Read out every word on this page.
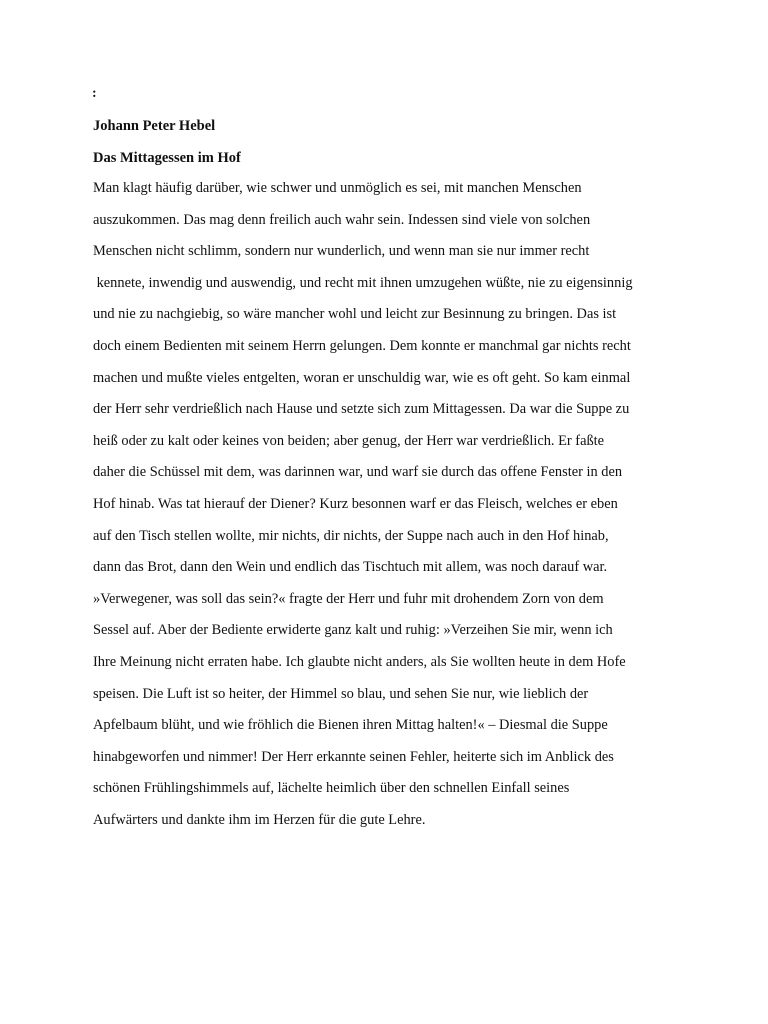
:
Johann Peter Hebel
Das Mittagessen im Hof
Man klagt häufig darüber, wie schwer und unmöglich es sei, mit manchen Menschen
auszukommen. Das mag denn freilich auch wahr sein. Indessen sind viele von solchen
Menschen nicht schlimm, sondern nur wunderlich, und wenn man sie nur immer recht
kennete, inwendig und auswendig, und recht mit ihnen umzugehen wüßte, nie zu eigensinnig
und nie zu nachgiebig, so wäre mancher wohl und leicht zur Besinnung zu bringen. Das ist
doch einem Bedienten mit seinem Herrn gelungen. Dem konnte er manchmal gar nichts recht
machen und mußte vieles entgelten, woran er unschuldig war, wie es oft geht. So kam einmal
der Herr sehr verdrießlich nach Hause und setzte sich zum Mittagessen. Da war die Suppe zu
heiß oder zu kalt oder keines von beiden; aber genug, der Herr war verdrießlich. Er faßte
daher die Schüssel mit dem, was darinnen war, und warf sie durch das offene Fenster in den
Hof hinab. Was tat hierauf der Diener? Kurz besonnen warf er das Fleisch, welches er eben
auf den Tisch stellen wollte, mir nichts, dir nichts, der Suppe nach auch in den Hof hinab,
dann das Brot, dann den Wein und endlich das Tischtuch mit allem, was noch darauf war.
»Verwegener, was soll das sein?« fragte der Herr und fuhr mit drohendem Zorn von dem
Sessel auf. Aber der Bediente erwiderte ganz kalt und ruhig: »Verzeihen Sie mir, wenn ich
Ihre Meinung nicht erraten habe. Ich glaubte nicht anders, als Sie wollten heute in dem Hofe
speisen. Die Luft ist so heiter, der Himmel so blau, und sehen Sie nur, wie lieblich der
Apfelbaum blüht, und wie fröhlich die Bienen ihren Mittag halten!« – Diesmal die Suppe
hinabgeworfen und nimmer! Der Herr erkannte seinen Fehler, heiterte sich im Anblick des
schönen Frühlingshimmels auf, lächelte heimlich über den schnellen Einfall seines
Aufwärters und dankte ihm im Herzen für die gute Lehre.
